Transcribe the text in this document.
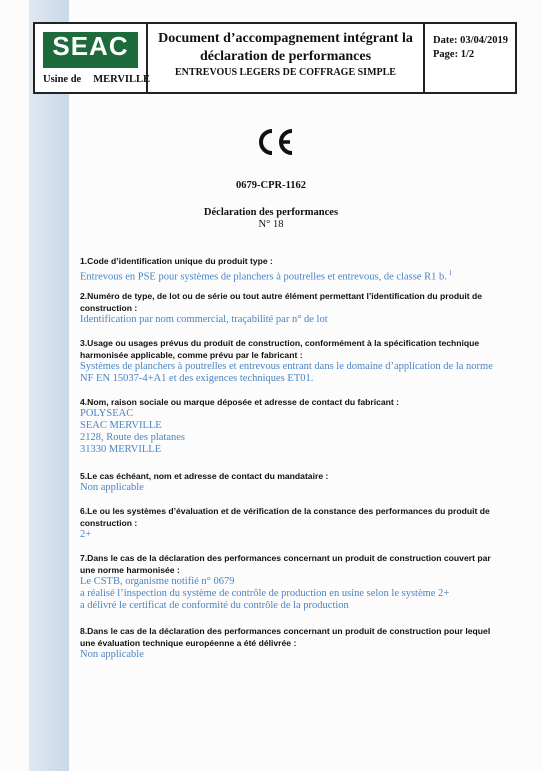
SEAC
Usine de MERVILLE
Document d’accompagnement intégrant la
déclaration de performances
ENTREVOUS LEGERS DE COFFRAGE SIMPLE
Date: 03/04/2019
Page: 1/2
0679-CPR-1162
Déclaration des performances
N° 18
1.Code d’identification unique du produit type :
Entrevous en PSE pour systèmes de planchers à poutrelles et entrevous, de classe R1 b. $^1$
2.Numéro de type, de lot ou de série ou tout autre élément permettant l’identification du produit de construction :
Identification par nom commercial, traçabilité par n° de lot
3.Usage ou usages prévus du produit de construction, conformément à la spécification technique harmonisée applicable, comme prévu par le fabricant :
Systèmes de planchers à poutrelles et entrevous entrant dans le domaine d’application de la norme NF EN 15037-4+A1 et des exigences techniques ET01.
4.Nom, raison sociale ou marque déposée et adresse de contact du fabricant :
POLYSEAC
SEAC MERVILLE
2128, Route des platanes
31330 MERVILLE
5.Le cas échéant, nom et adresse de contact du mandataire :
Non applicable
6.Le ou les systèmes d’évaluation et de vérification de la constance des performances du produit de construction :
2+
7.Dans le cas de la déclaration des performances concernant un produit de construction couvert par une norme harmonisée :
Le CSTB, organisme notifié n° 0679
a réalisé l’inspection du système de contrôle de production en usine selon le système 2+
a délivré le certificat de conformité du contrôle de la production
8.Dans le cas de la déclaration des performances concernant un produit de construction pour lequel une évaluation technique européenne a été délivrée :
Non applicable
